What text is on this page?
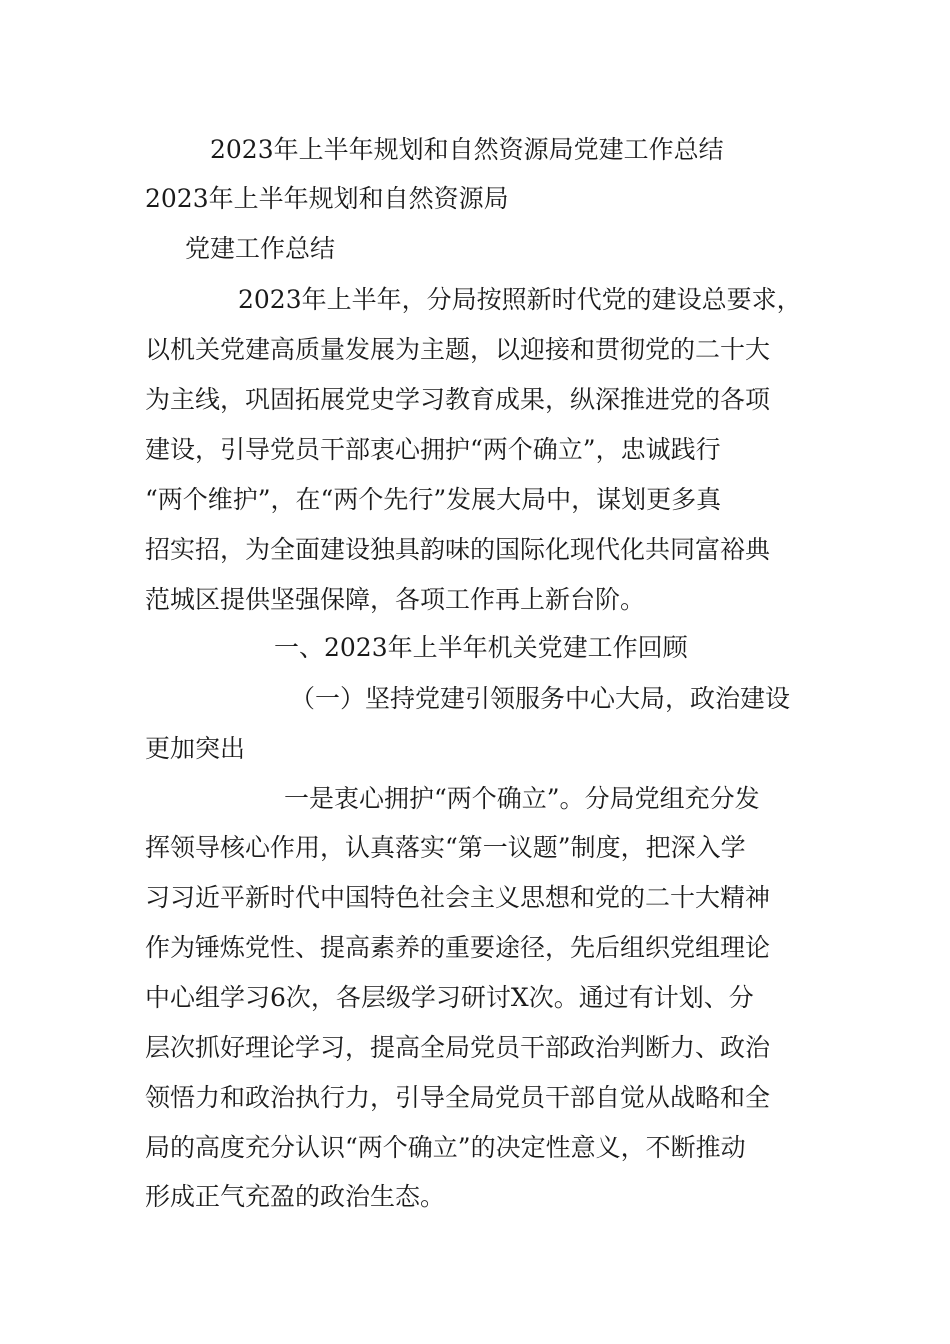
2023年上半年规划和自然资源局党建工作总结
2023年上半年规划和自然资源局
党建工作总结
2023年上半年，分局按照新时代党的建设总要求，
以机关党建高质量发展为主题，以迎接和贯彻党的二十大
为主线，巩固拓展党史学习教育成果，纵深推进党的各项
建设，引导党员干部衷心拥护“两个确立”，忠诚践行
“两个维护”，在“两个先行”发展大局中，谋划更多真
招实招，为全面建设独具韵味的国际化现代化共同富裕典
范城区提供坚强保障，各项工作再上新台阶。
一、2023年上半年机关党建工作回顾
（一）坚持党建引领服务中心大局，政治建设
更加突出
一是衷心拥护“两个确立”。分局党组充分发
挥领导核心作用，认真落实“第一议题”制度，把深入学
习习近平新时代中国特色社会主义思想和党的二十大精神
作为锤炼党性、提高素养的重要途径，先后组织党组理论
中心组学习6次，各层级学习研讨X次。通过有计划、分
层次抓好理论学习，提高全局党员干部政治判断力、政治
领悟力和政治执行力，引导全局党员干部自觉从战略和全
局的高度充分认识“两个确立”的决定性意义，不断推动
形成正气充盈的政治生态。
